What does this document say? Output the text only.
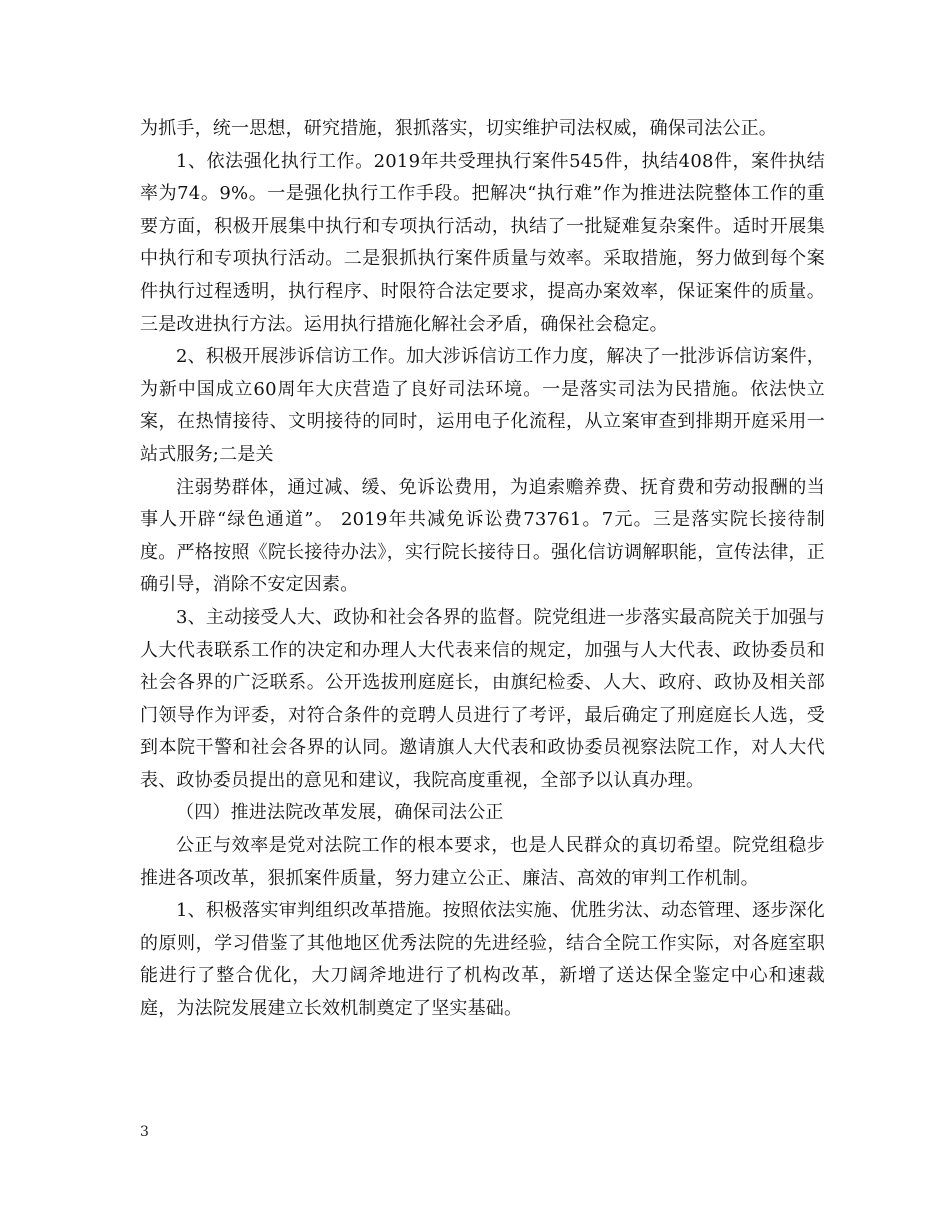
为抓手，统一思想，研究措施，狠抓落实，切实维护司法权威，确保司法公正。

1、依法强化执行工作。2019年共受理执行案件545件，执结408件，案件执结率为74。9%。一是强化执行工作手段。把解决“执行难”作为推进法院整体工作的重要方面，积极开展集中执行和专项执行活动，执结了一批疑难复杂案件。适时开展集中执行和专项执行活动。二是狠抓执行案件质量与效率。采取措施，努力做到每个案件执行过程透明，执行程序、时限符合法定要求，提高办案效率，保证案件的质量。三是改进执行方法。运用执行措施化解社会矛盾，确保社会稳定。

2、积极开展涉诉信访工作。加大涉诉信访工作力度，解决了一批涉诉信访案件，为新中国成立60周年大庆营造了良好司法环境。一是落实司法为民措施。依法快立案，在热情接待、文明接待的同时，运用电子化流程，从立案审查到排期开庭采用一站式服务;二是关

注弱势群体，通过减、缓、免诉讼费用，为追索赡养费、抚育费和劳动报酬的当事人开辟“绿色通道”。 2019年共减免诉讼费73761。7元。三是落实院长接待制度。严格按照《院长接待办法》，实行院长接待日。强化信访调解职能，宣传法律，正确引导，消除不安定因素。

3、主动接受人大、政协和社会各界的监督。院党组进一步落实最高院关于加强与人大代表联系工作的决定和办理人大代表来信的规定，加强与人大代表、政协委员和社会各界的广泛联系。公开选拔刑庭庭长，由旗纪检委、人大、政府、政协及相关部门领导作为评委，对符合条件的竞聘人员进行了考评，最后确定了刑庭庭长人选，受到本院干警和社会各界的认同。邀请旗人大代表和政协委员视察法院工作，对人大代表、政协委员提出的意见和建议，我院高度重视，全部予以认真办理。

（四）推进法院改革发展，确保司法公正

公正与效率是党对法院工作的根本要求，也是人民群众的真切希望。院党组稳步推进各项改革，狠抓案件质量，努力建立公正、廉洁、高效的审判工作机制。

1、积极落实审判组织改革措施。按照依法实施、优胜劣汰、动态管理、逐步深化的原则，学习借鉴了其他地区优秀法院的先进经验，结合全院工作实际，对各庭室职能进行了整合优化，大刀阔斧地进行了机构改革，新增了送达保全鉴定中心和速裁庭，为法院发展建立长效机制奠定了坚实基础。

3
